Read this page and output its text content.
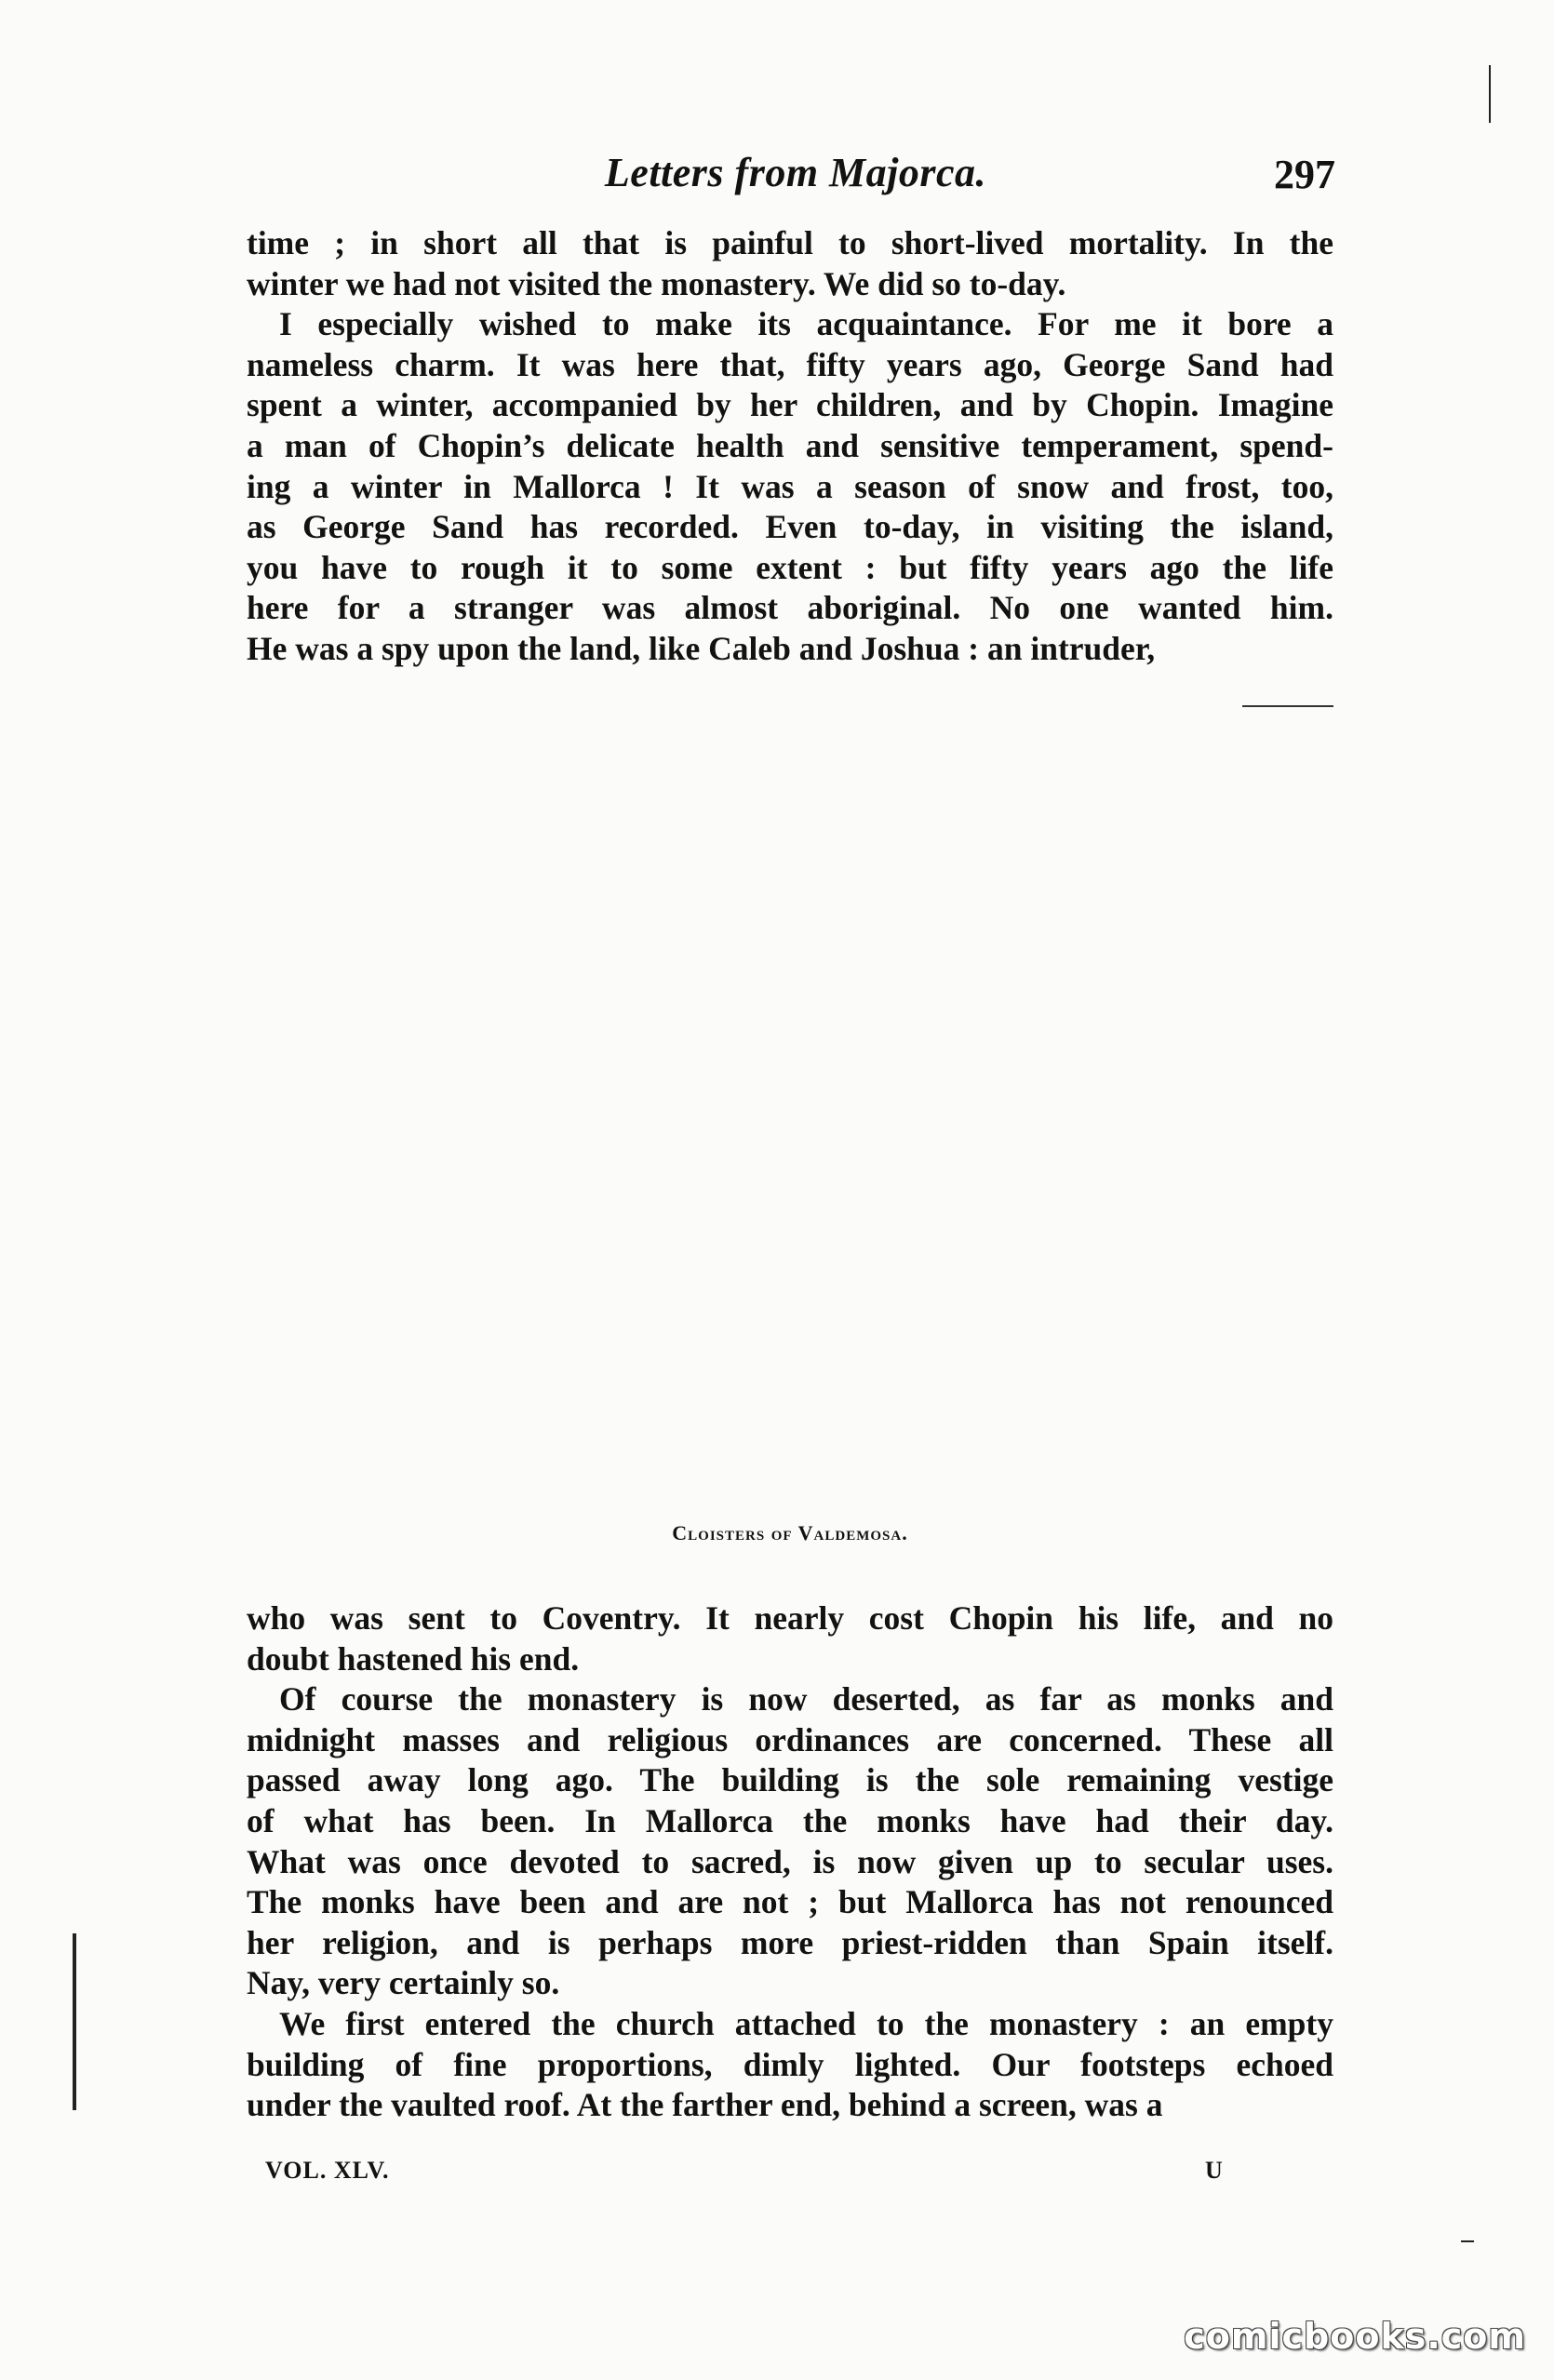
Letters from Majorca.	297

time ; in short all that is painful to short-lived mortality. In the
winter we had not visited the monastery. We did so to-day.

I especially wished to make its acquaintance. For me it bore a
nameless charm. It was here that, fifty years ago, George Sand had
spent a winter, accompanied by her children, and by Chopin. Imagine
a man of Chopin’s delicate health and sensitive temperament, spend-
ing a winter in Mallorca ! It was a season of snow and frost, too,
as George Sand has recorded. Even to-day, in visiting the island,
you have to rough it to some extent : but fifty years ago the life
here for a stranger was almost aboriginal. No one wanted him.
He was a spy upon the land, like Caleb and Joshua : an intruder,

Cloisters of Valdemosa.

who was sent to Coventry. It nearly cost Chopin his life, and no
doubt hastened his end.

Of course the monastery is now deserted, as far as monks and
midnight masses and religious ordinances are concerned. These all
passed away long ago. The building is the sole remaining vestige
of what has been. In Mallorca the monks have had their day.
What was once devoted to sacred, is now given up to secular uses.
The monks have been and are not ; but Mallorca has not renounced
her religion, and is perhaps more priest-ridden than Spain itself.
Nay, very certainly so.

We first entered the church attached to the monastery : an empty
building of fine proportions, dimly lighted. Our footsteps echoed
under the vaulted roof. At the farther end, behind a screen, was a

VOL. XLV.	U
comicbooks.com
